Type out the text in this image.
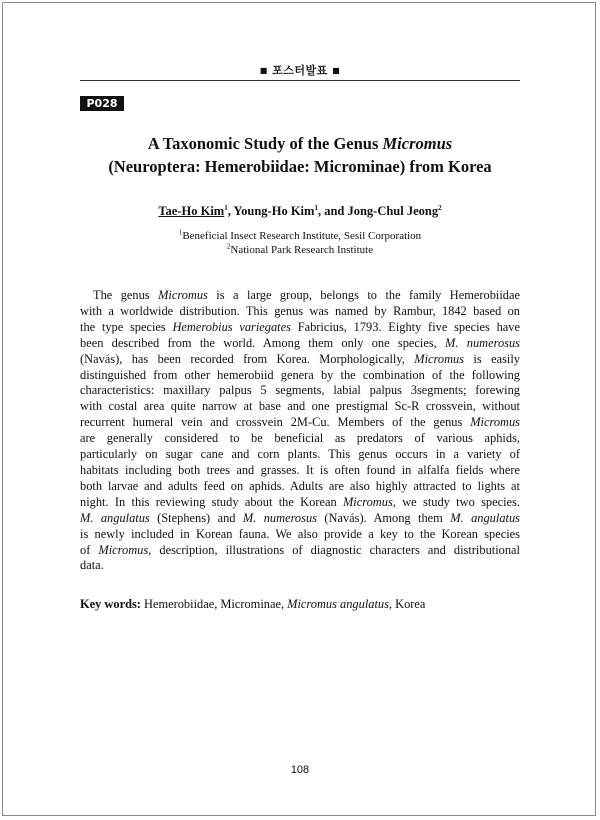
■ 포스터발표 ■
P028
A Taxonomic Study of the Genus Micromus
(Neuroptera: Hemerobiidae: Microminae) from Korea
Tae-Ho Kim$^1$, Young-Ho Kim$^1$, and Jong-Chul Jeong$^2$
$^1$Beneficial Insect Research Institute, Sesil Corporation
$^2$National Park Research Institute
The genus Micromus is a large group, belongs to the family Hemerobiidae
with a worldwide distribution. This genus was named by Rambur, 1842 based on
the type species Hemerobius variegates Fabricius, 1793. Eighty five species have
been described from the world. Among them only one species, M. numerosus
(Navás), has been recorded from Korea. Morphologically, Micromus is easily
distinguished from other hemerobiid genera by the combination of the following
characteristics: maxillary palpus 5 segments, labial palpus 3segments; forewing
with costal area quite narrow at base and one prestigmal Sc-R crossvein, without
recurrent humeral vein and crossvein 2M-Cu. Members of the genus Micromus
are generally considered to be beneficial as predators of various aphids,
particularly on sugar cane and corn plants. This genus occurs in a variety of
habitats including both trees and grasses. It is often found in alfalfa fields where
both larvae and adults feed on aphids. Adults are also highly attracted to lights at
night. In this reviewing study about the Korean Micromus, we study two species.
M. angulatus (Stephens) and M. numerosus (Navás). Among them M. angulatus
is newly included in Korean fauna. We also provide a key to the Korean species
of Micromus, description, illustrations of diagnostic characters and distributional
data.
Key words: Hemerobiidae, Microminae, Micromus angulatus, Korea
108
